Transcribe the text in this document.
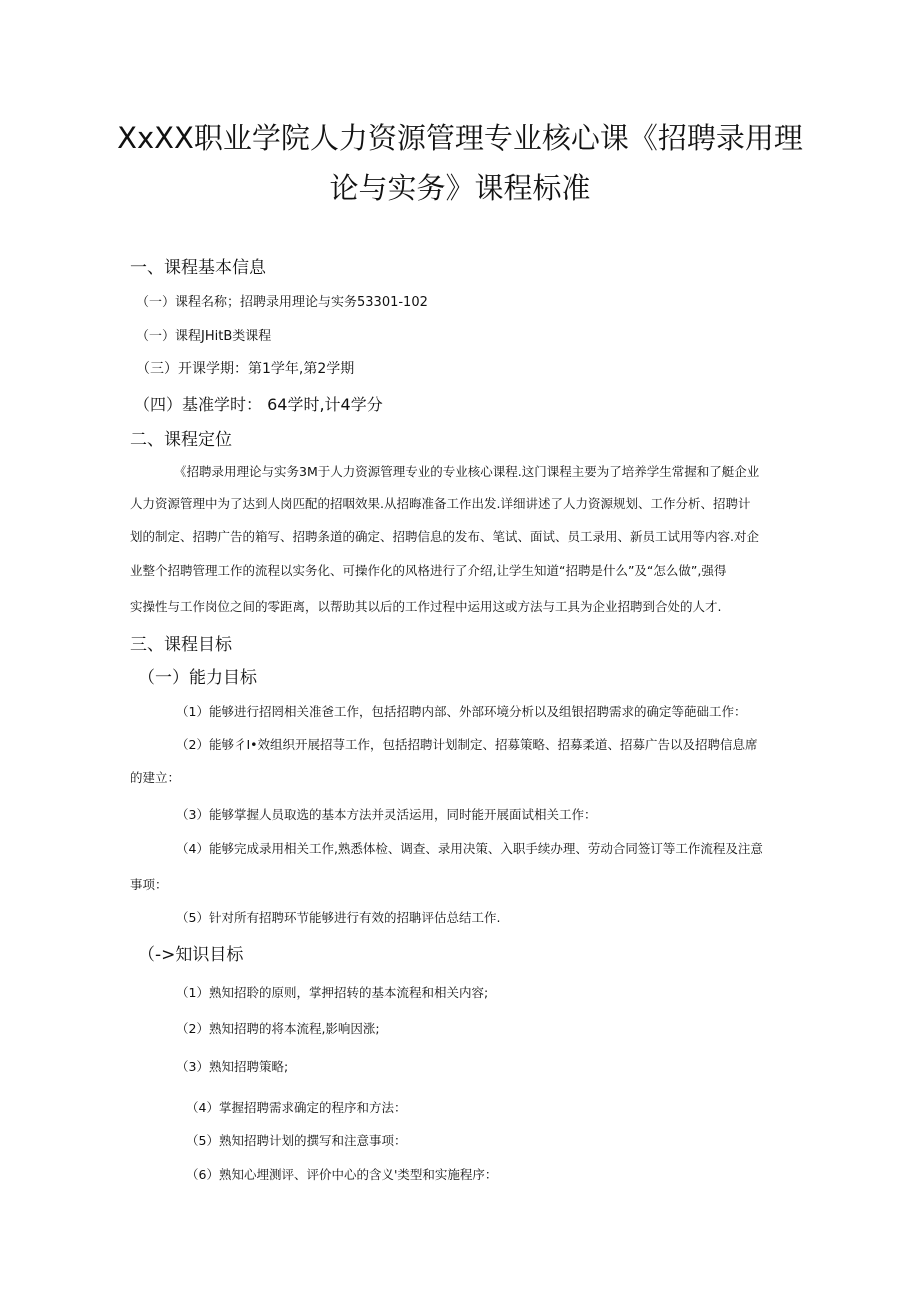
XxXX职业学院人力资源管理专业核心课《招聘录用理
论与实务》课程标准
一、课程基本信息
（一）课程名称；招聘录用理论与实务53301-102
（一）课程JHitB类课程
（三）开课学期：第1学年,第2学期
（四）基准学时： 64学时,计4学分
二、课程定位
《招聘录用理论与实务3M于人力资源管理专业的专业核心课程.这门课程主要为了培养学生常握和了艇企业
人力资源管理中为了达到人岗匹配的招咽效果.从招晦准备工作出发.详细讲述了人力资源规划、工作分析、招聘计
划的制定、招聘广告的箱写、招聘条道的确定、招聘信息的发布、笔试、面试、员工录用、新员工试用等内容.对企
业整个招聘管理工作的流程以实务化、可操作化的风格进行了介绍,让学生知道“招聘是什么”及“怎么做”,强得
实操性与工作岗位之间的零距离，以帮助其以后的工作过程中运用这或方法与工具为企业招聘到合处的人才.
三、课程目标
（一）能力目标
（1）能够进行招罔相关准爸工作，包括招聘内部、外部环境分析以及组银招聘需求的确定等葩础工作：
（2）能够彳I•效组织开展招荨工作，包括招聘计划制定、招募策略、招募柔道、招募广告以及招聘信息席
的建立：
（3）能够掌握人员取选的基本方法并灵活运用，同时能开展面试相关工作：
（4）能够完成录用相关工作,熟悉体检、调查、录用决策、入职手续办理、劳动合同签订等工作流程及注意
事项：
（5）针对所有招聘环节能够进行有效的招聃评估总结工作.
（->知识目标
（1）熟知招聆的原则，掌押招转的基本流程和相关内容;
（2）熟知招聘的将本流程,影响因涨;
（3）熟知招聘策略;
（4）掌握招聘需求确定的程序和方法：
（5）熟知招聘计划的撰写和注意事项：
（6）熟知心埋测评、评价中心的含义'类型和实施程序：
